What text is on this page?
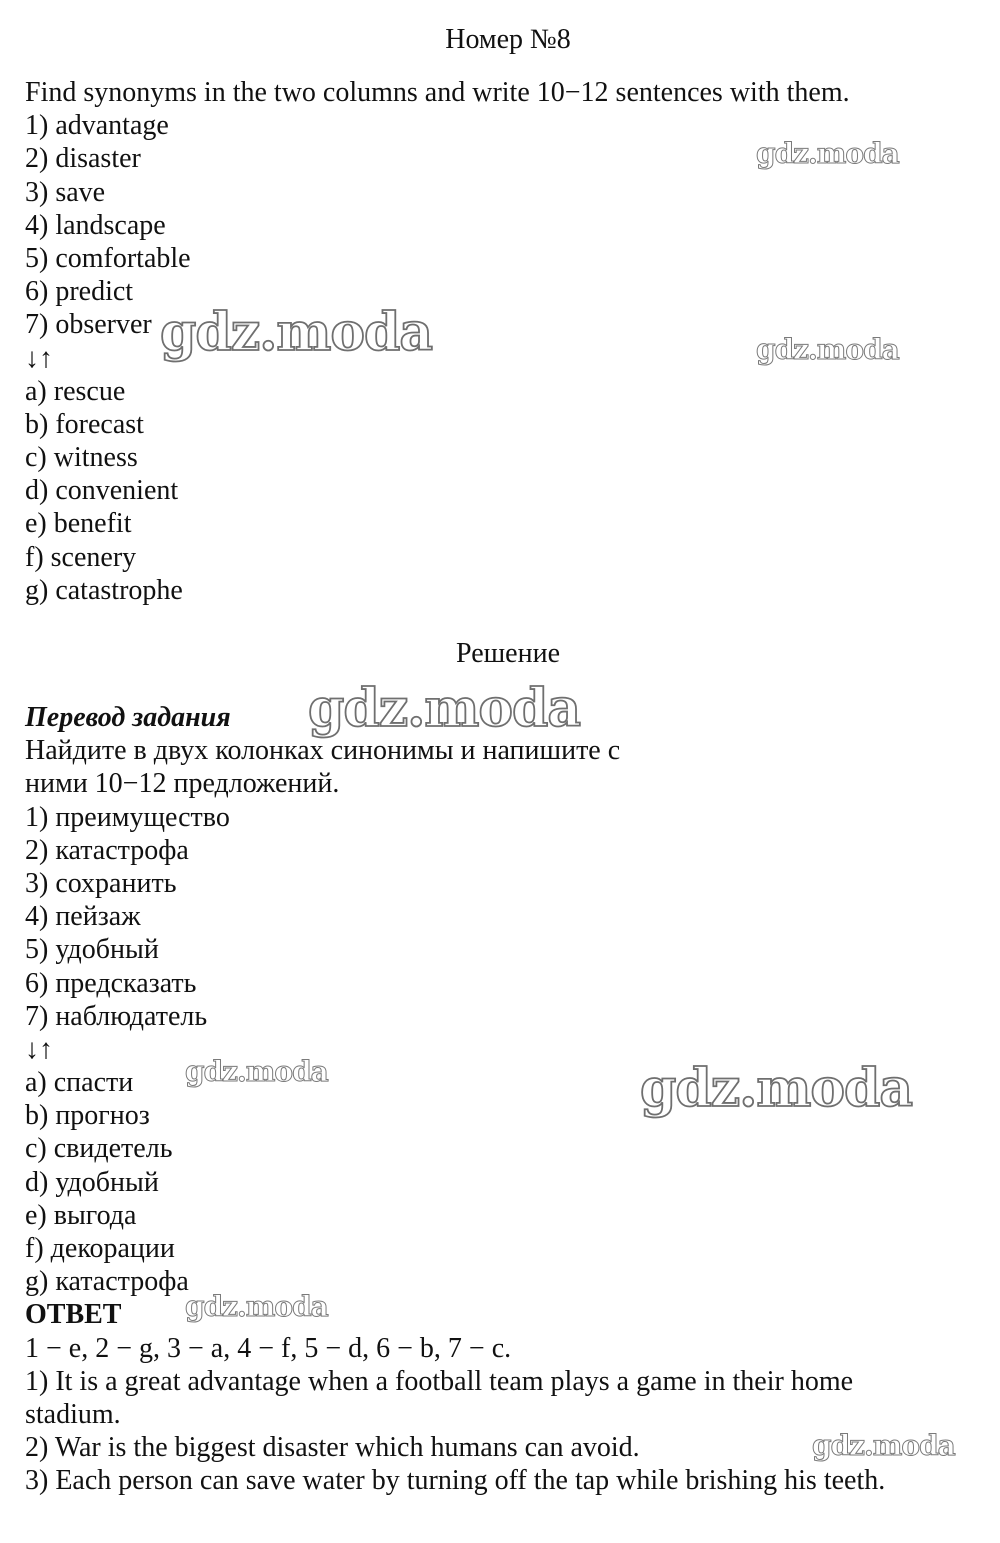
Номер №8
Find synonyms in the two columns and write 10−12 sentences with them.
1) advantage
2) disaster
3) save
4) landscape
5) comfortable
6) predict
7) observer
↓↑
a) rescue
b) forecast
c) witness
d) convenient
e) benefit
f) scenery
g) catastrophe
Решение
Перевод задания
Найдите в двух колонках синонимы и напишите с
ними 10−12 предложений.
1) преимущество
2) катастрофа
3) сохранить
4) пейзаж
5) удобный
6) предсказать
7) наблюдатель
↓↑
a) спасти
b) прогноз
c) свидетель
d) удобный
e) выгода
f) декорации
g) катастрофа
ОТВЕТ
1 − e, 2 − g, 3 − a, 4 − f, 5 − d, 6 − b, 7 − c.
1) It is a great advantage when a football team plays a game in their home
stadium.
2) War is the biggest disaster which humans can avoid.
3) Each person can save water by turning off the tap while brishing his teeth.
gdz.moda
gdz.moda	gdz.moda
gdz.moda
gdz.moda	gdz.moda
gdz.moda
gdz.moda
